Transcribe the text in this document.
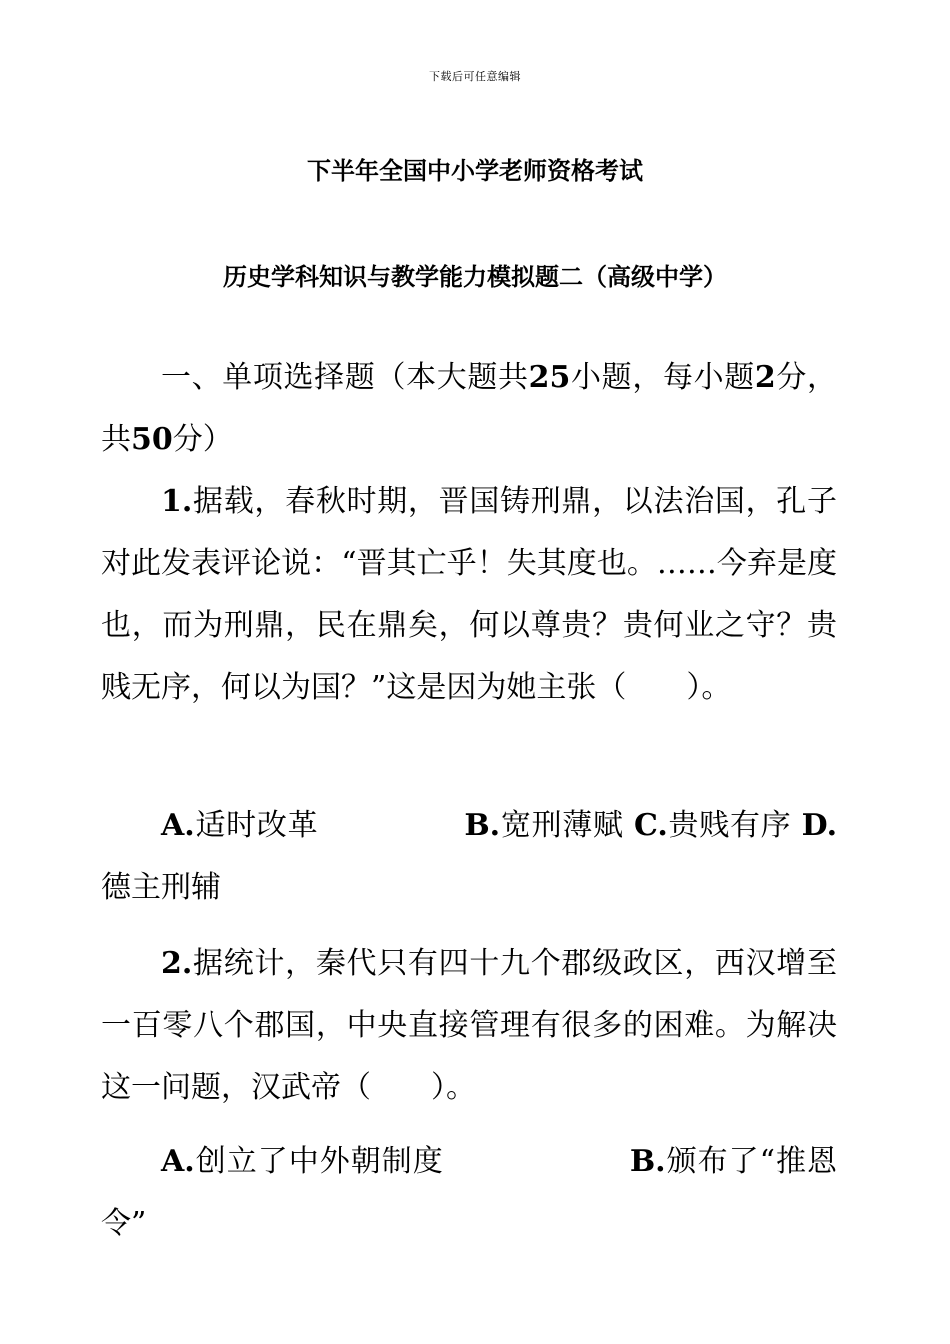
下载后可任意编辑
下半年全国中小学老师资格考试
历史学科知识与教学能力模拟题二（高级中学）

一、单项选择题（本大题共25小题，每小题2分，共50分）

1.据载，春秋时期，晋国铸刑鼎，以法治国，孔子对此发表评论说：“晋其亡乎！失其度也。……今弃是度也，而为刑鼎，民在鼎矣，何以尊贵？贵何业之守？贵贱无序，何以为国？”这是因为她主张（　　）。

A.适时改革	B.宽刑薄赋 C.贵贱有序 D. 德主刑辅

2.据统计，秦代只有四十九个郡级政区，西汉增至一百零八个郡国，中央直接管理有很多的困难。为解决这一问题，汉武帝（　　）。

A.创立了中外朝制度	B.颁布了“推恩令”
